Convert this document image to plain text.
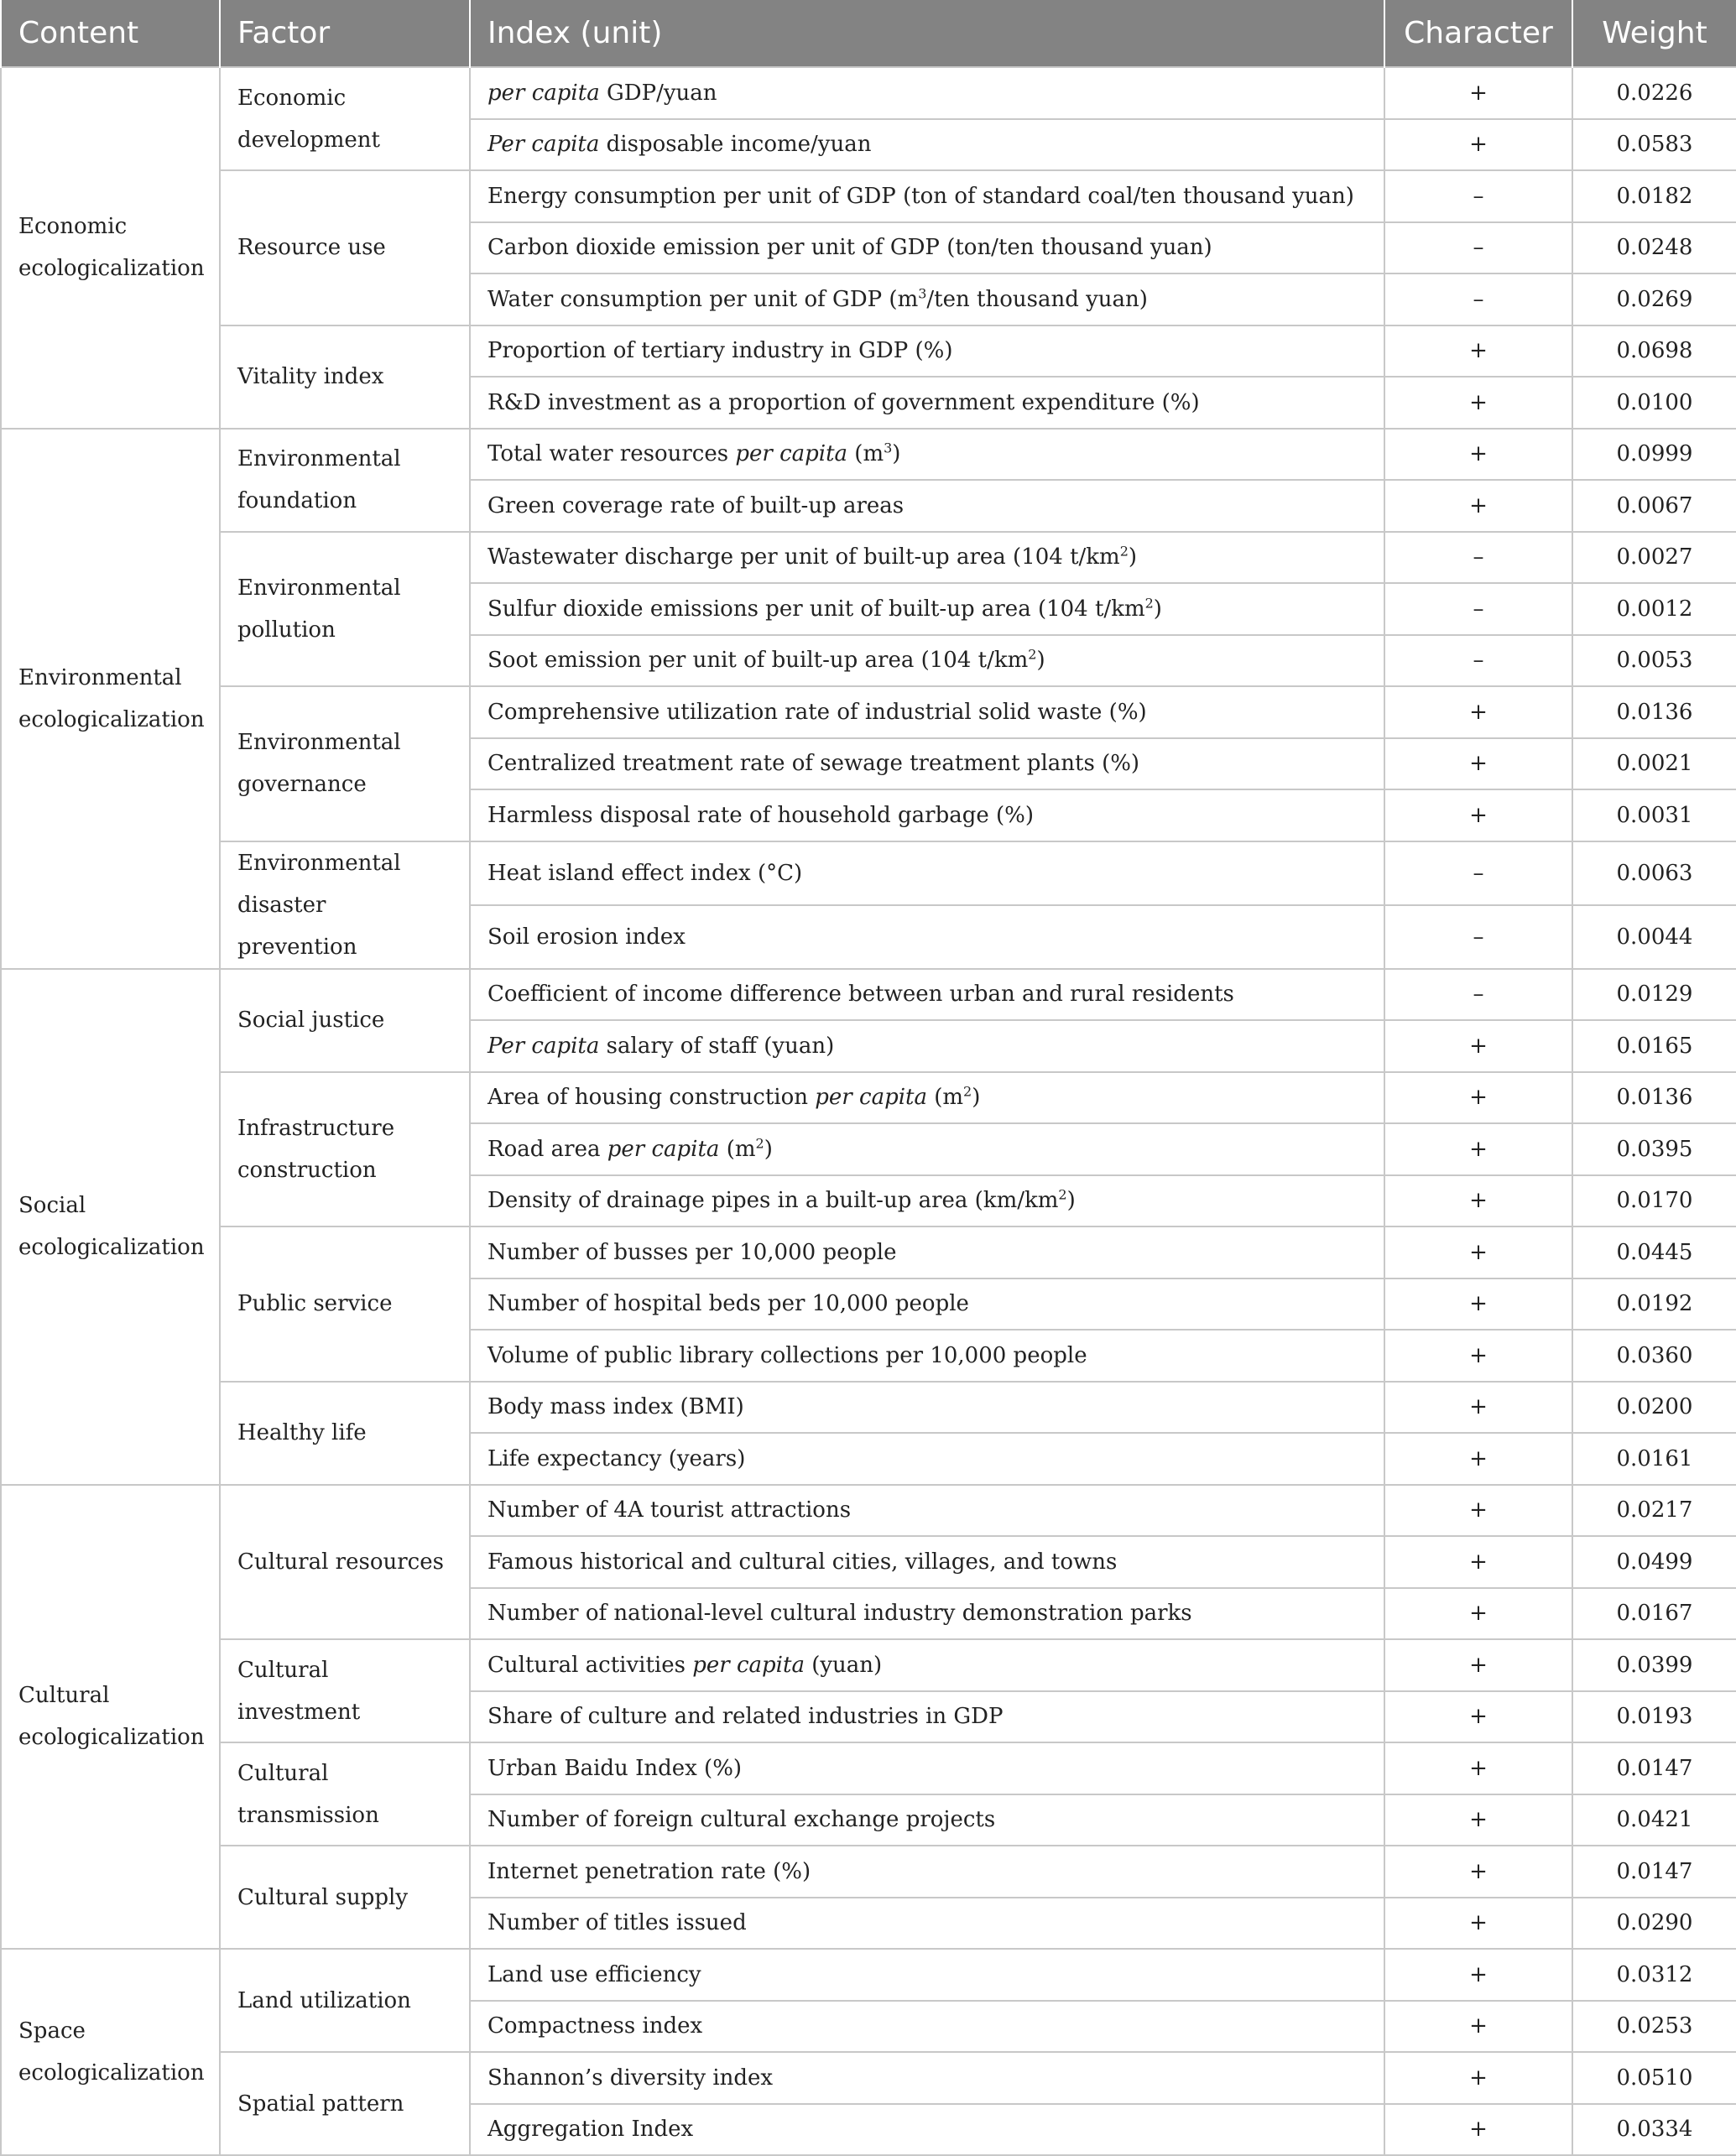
Content	Factor	Index (unit)	Character	Weight
Economic ecologicalization	Economic development	per capita GDP/yuan	+	0.0226
		Per capita disposable income/yuan	+	0.0583
	Resource use	Energy consumption per unit of GDP (ton of standard coal/ten thousand yuan)	–	0.0182
		Carbon dioxide emission per unit of GDP (ton/ten thousand yuan)	–	0.0248
		Water consumption per unit of GDP ($m^3$/ten thousand yuan)	–	0.0269
	Vitality index	Proportion of tertiary industry in GDP (%)	+	0.0698
		R&D investment as a proportion of government expenditure (%)	+	0.0100
Environmental ecologicalization	Environmental foundation	Total water resources per capita $(m^3)$	+	0.0999
		Green coverage rate of built-up areas	+	0.0067
	Environmental pollution	Wastewater discharge per unit of built-up area (104 $t/km^2$)	–	0.0027
		Sulfur dioxide emissions per unit of built-up area (104 $t/km^2$)	–	0.0012
		Soot emission per unit of built-up area (104 $t/km^2$)	–	0.0053
	Environmental governance	Comprehensive utilization rate of industrial solid waste (%)	+	0.0136
		Centralized treatment rate of sewage treatment plants (%)	+	0.0021
		Harmless disposal rate of household garbage (%)	+	0.0031
	Environmental disaster prevention	Heat island effect index (°C)	–	0.0063
		Soil erosion index	–	0.0044
Social ecologicalization	Social justice	Coefficient of income difference between urban and rural residents	–	0.0129
		Per capita salary of staff (yuan)	+	0.0165
	Infrastructure construction	Area of housing construction per capita $(m^2)$	+	0.0136
		Road area per capita $(m^2)$	+	0.0395
		Density of drainage pipes in a built-up area $(km/km^2)$	+	0.0170
	Public service	Number of busses per 10,000 people	+	0.0445
		Number of hospital beds per 10,000 people	+	0.0192
		Volume of public library collections per 10,000 people	+	0.0360
	Healthy life	Body mass index (BMI)	+	0.0200
		Life expectancy (years)	+	0.0161
Cultural ecologicalization	Cultural resources	Number of 4A tourist attractions	+	0.0217
		Famous historical and cultural cities, villages, and towns	+	0.0499
		Number of national-level cultural industry demonstration parks	+	0.0167
	Cultural investment	Cultural activities per capita (yuan)	+	0.0399
		Share of culture and related industries in GDP	+	0.0193
	Cultural transmission	Urban Baidu Index (%)	+	0.0147
		Number of foreign cultural exchange projects	+	0.0421
	Cultural supply	Internet penetration rate (%)	+	0.0147
		Number of titles issued	+	0.0290
Space ecologicalization	Land utilization	Land use efficiency	+	0.0312
		Compactness index	+	0.0253
	Spatial pattern	Shannon’s diversity index	+	0.0510
		Aggregation Index	+	0.0334
